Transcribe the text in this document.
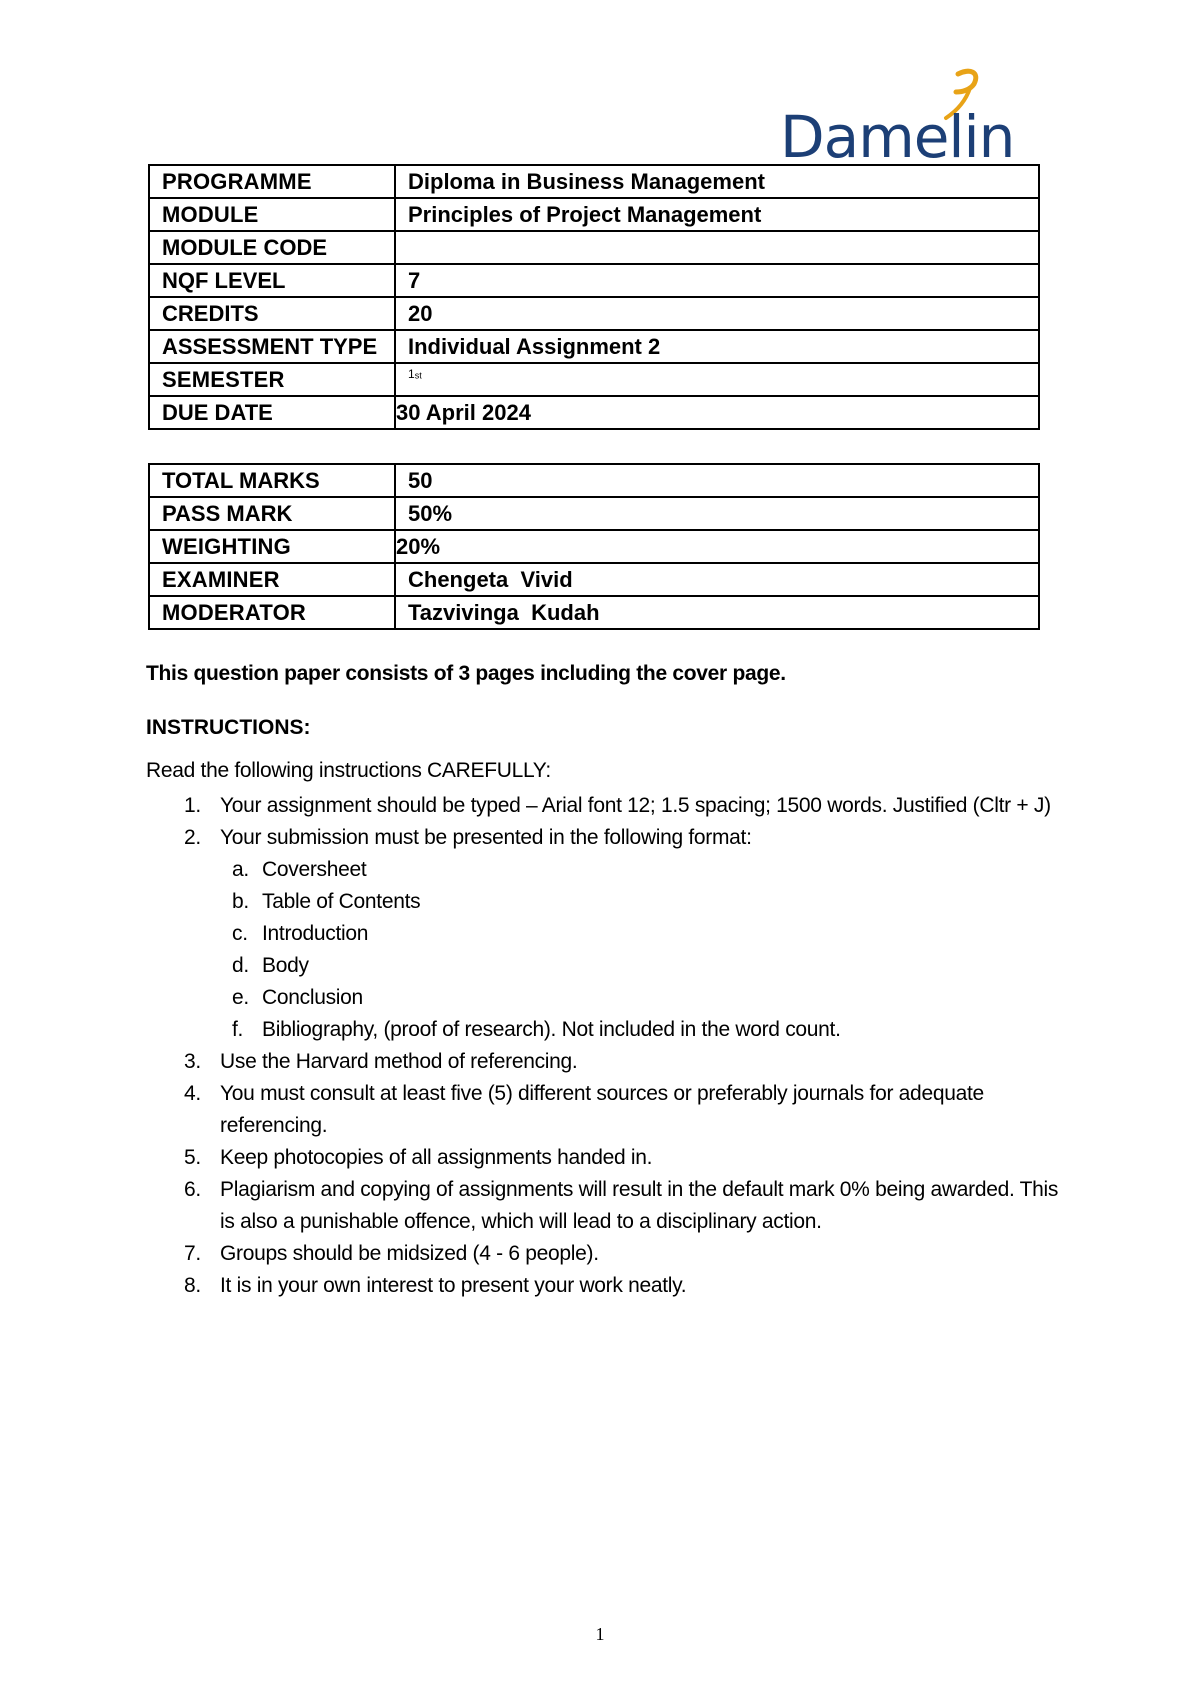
Damelin
PROGRAMME	Diploma in Business Management
MODULE	Principles of Project Management
MODULE CODE	
NQF LEVEL	7
CREDITS	20
ASSESSMENT TYPE	Individual Assignment 2
SEMESTER	$^{1st}$
DUE DATE	30 April 2024
TOTAL MARKS	50
PASS MARK	50%
WEIGHTING	20%
EXAMINER	Chengeta  Vivid
MODERATOR	Tazvivinga  Kudah
This question paper consists of 3 pages including the cover page.
INSTRUCTIONS:
Read the following instructions CAREFULLY:
1. Your assignment should be typed – Arial font 12; 1.5 spacing; 1500 words. Justified (Cltr + J)
2. Your submission must be presented in the following format:
a. Coversheet
b. Table of Contents
c. Introduction
d. Body
e. Conclusion
f. Bibliography, (proof of research). Not included in the word count.
3. Use the Harvard method of referencing.
4. You must consult at least five (5) different sources or preferably journals for adequate referencing.
5. Keep photocopies of all assignments handed in.
6. Plagiarism and copying of assignments will result in the default mark 0% being awarded. This is also a punishable offence, which will lead to a disciplinary action.
7. Groups should be midsized (4 - 6 people).
8. It is in your own interest to present your work neatly.
1
